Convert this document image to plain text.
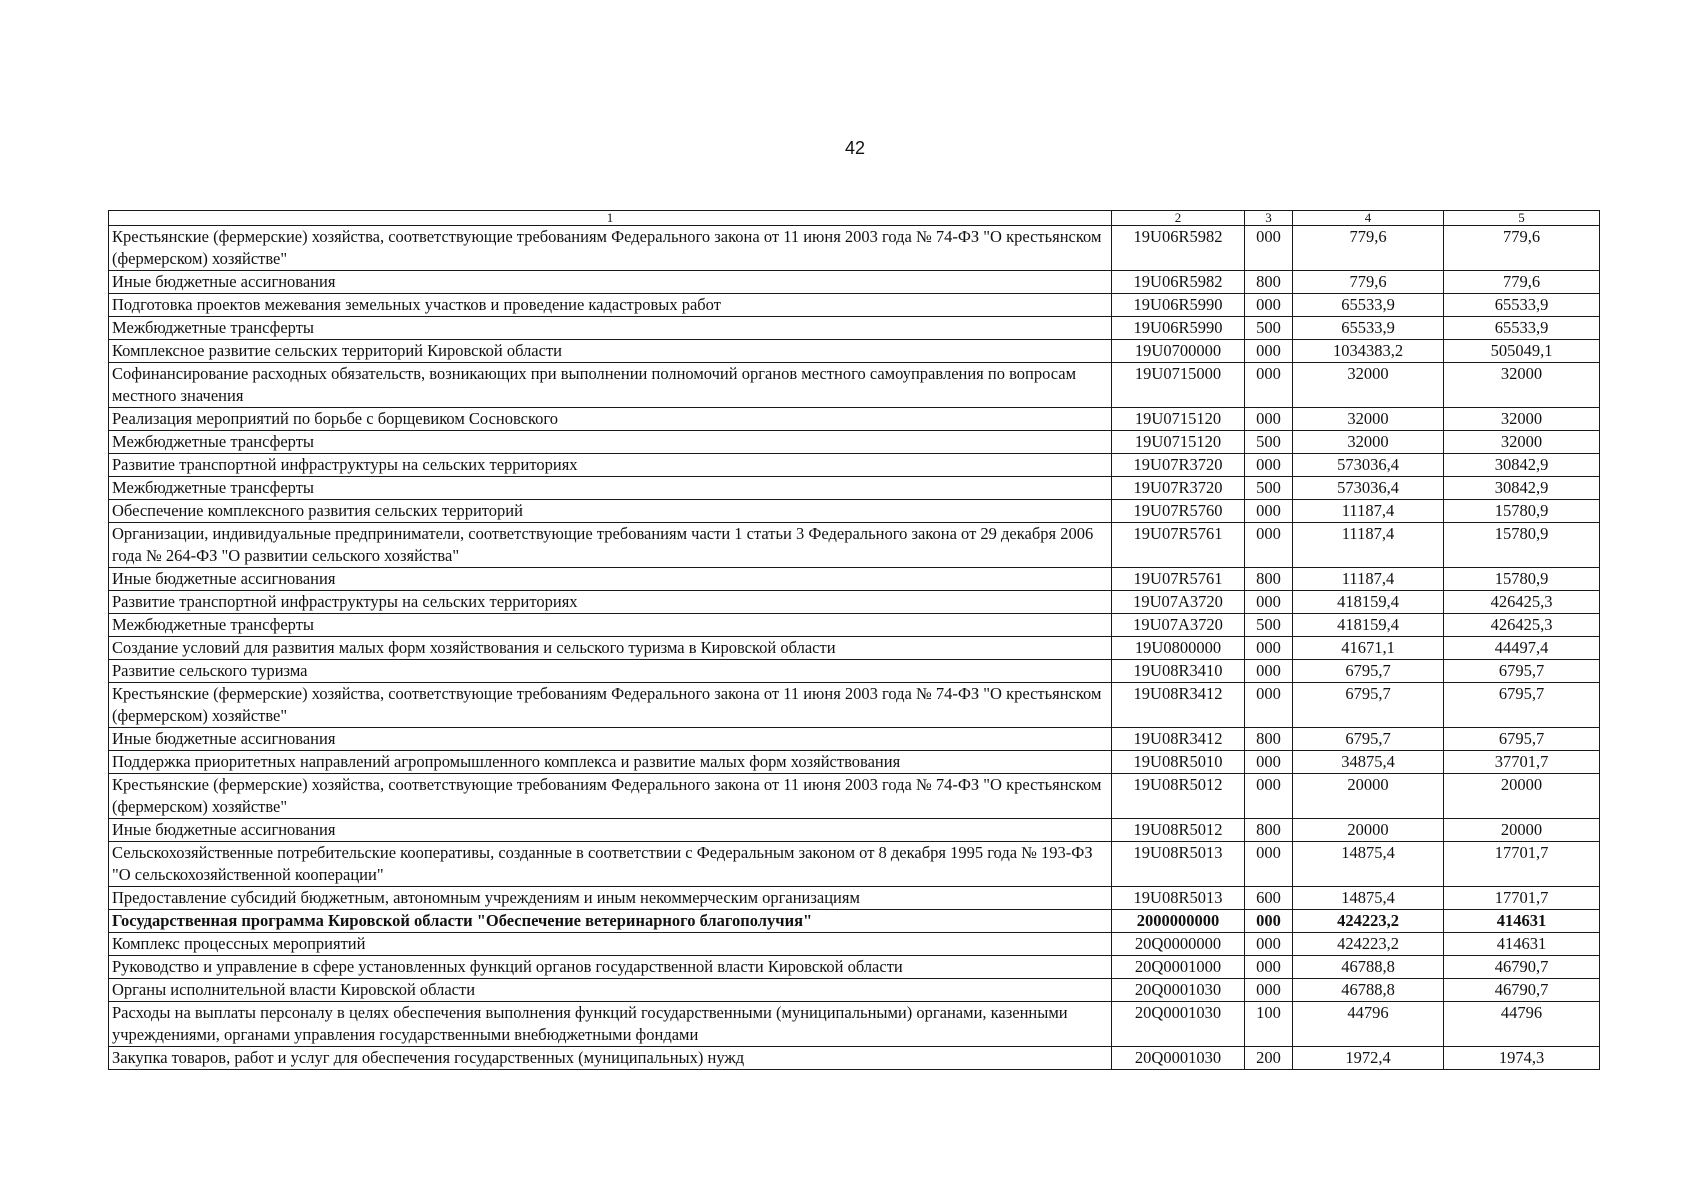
42
1	2	3	4	5
Крестьянские (фермерские) хозяйства, соответствующие требованиям Федерального закона от 11 июня 2003 года № 74-ФЗ "О крестьянском (фермерском) хозяйстве"	19U06R5982	000	779,6	779,6
Иные бюджетные ассигнования	19U06R5982	800	779,6	779,6
Подготовка проектов межевания земельных участков и проведение кадастровых работ	19U06R5990	000	65533,9	65533,9
Межбюджетные трансферты	19U06R5990	500	65533,9	65533,9
Комплексное развитие сельских территорий Кировской области	19U0700000	000	1034383,2	505049,1
Софинансирование расходных обязательств, возникающих при выполнении полномочий органов местного самоуправления по вопросам местного значения	19U0715000	000	32000	32000
Реализация мероприятий по борьбе с борщевиком Сосновского	19U0715120	000	32000	32000
Межбюджетные трансферты	19U0715120	500	32000	32000
Развитие транспортной инфраструктуры на сельских территориях	19U07R3720	000	573036,4	30842,9
Межбюджетные трансферты	19U07R3720	500	573036,4	30842,9
Обеспечение комплексного развития сельских территорий	19U07R5760	000	11187,4	15780,9
Организации, индивидуальные предприниматели, соответствующие требованиям части 1 статьи 3 Федерального закона от 29 декабря 2006 года № 264-ФЗ "О развитии сельского хозяйства"	19U07R5761	000	11187,4	15780,9
Иные бюджетные ассигнования	19U07R5761	800	11187,4	15780,9
Развитие транспортной инфраструктуры на сельских территориях	19U07A3720	000	418159,4	426425,3
Межбюджетные трансферты	19U07A3720	500	418159,4	426425,3
Создание условий для развития малых форм хозяйствования и сельского туризма в Кировской области	19U0800000	000	41671,1	44497,4
Развитие сельского туризма	19U08R3410	000	6795,7	6795,7
Крестьянские (фермерские) хозяйства, соответствующие требованиям Федерального закона от 11 июня 2003 года № 74-ФЗ "О крестьянском (фермерском) хозяйстве"	19U08R3412	000	6795,7	6795,7
Иные бюджетные ассигнования	19U08R3412	800	6795,7	6795,7
Поддержка приоритетных направлений агропромышленного комплекса и развитие малых форм хозяйствования	19U08R5010	000	34875,4	37701,7
Крестьянские (фермерские) хозяйства, соответствующие требованиям Федерального закона от 11 июня 2003 года № 74-ФЗ "О крестьянском (фермерском) хозяйстве"	19U08R5012	000	20000	20000
Иные бюджетные ассигнования	19U08R5012	800	20000	20000
Сельскохозяйственные потребительские кооперативы, созданные в соответствии с Федеральным законом от 8 декабря 1995 года № 193-ФЗ "О сельскохозяйственной кооперации"	19U08R5013	000	14875,4	17701,7
Предоставление субсидий бюджетным, автономным учреждениям и иным некоммерческим организациям	19U08R5013	600	14875,4	17701,7
Государственная программа Кировской области "Обеспечение ветеринарного благополучия"	2000000000	000	424223,2	414631
Комплекс процессных мероприятий	20Q0000000	000	424223,2	414631
Руководство и управление в сфере установленных функций органов государственной власти Кировской области	20Q0001000	000	46788,8	46790,7
Органы исполнительной власти Кировской области	20Q0001030	000	46788,8	46790,7
Расходы на выплаты персоналу в целях обеспечения выполнения функций государственными (муниципальными) органами, казенными учреждениями, органами управления государственными внебюджетными фондами	20Q0001030	100	44796	44796
Закупка товаров, работ и услуг для обеспечения государственных (муниципальных) нужд	20Q0001030	200	1972,4	1974,3
